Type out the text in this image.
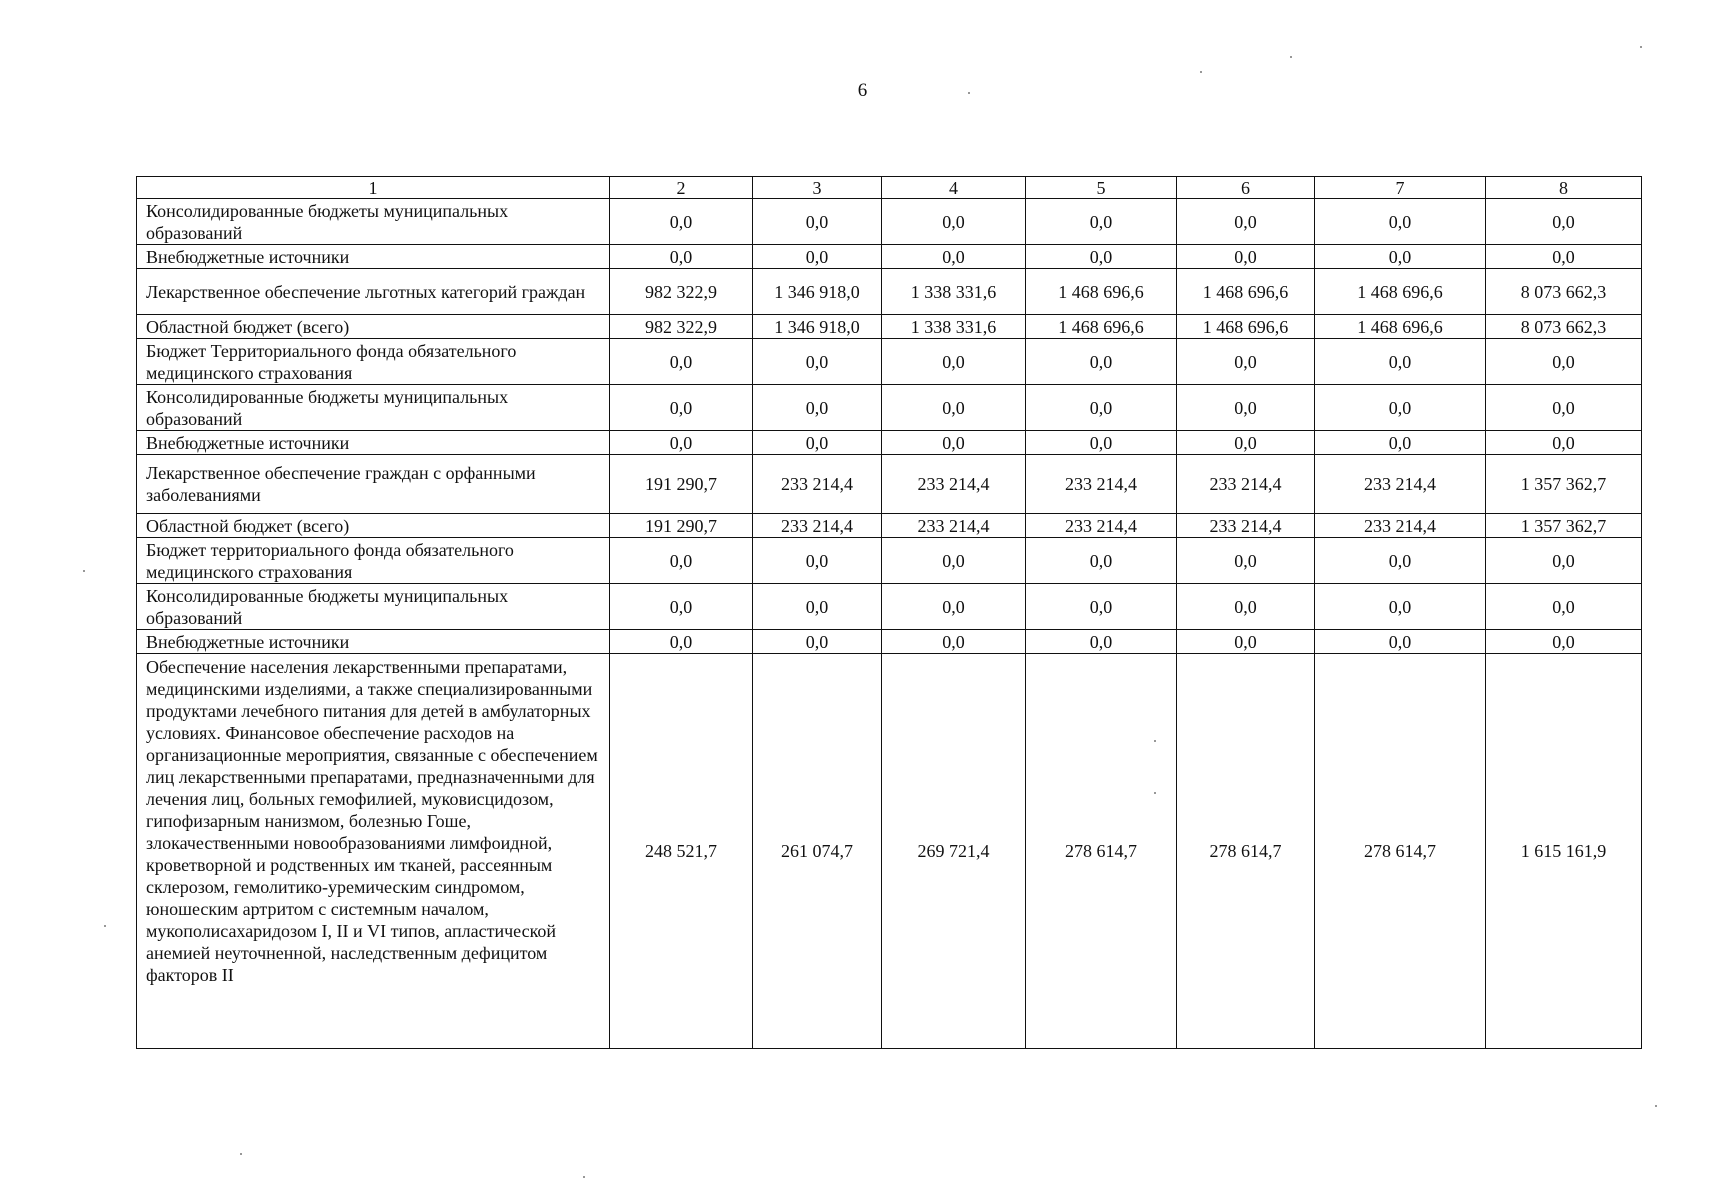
6
1	2	3	4	5	6	7	8
Консолидированные бюджеты муниципальных образований	0,0	0,0	0,0	0,0	0,0	0,0	0,0
Внебюджетные источники	0,0	0,0	0,0	0,0	0,0	0,0	0,0
Лекарственное обеспечение льготных категорий граждан	982 322,9	1 346 918,0	1 338 331,6	1 468 696,6	1 468 696,6	1 468 696,6	8 073 662,3
Областной бюджет (всего)	982 322,9	1 346 918,0	1 338 331,6	1 468 696,6	1 468 696,6	1 468 696,6	8 073 662,3
Бюджет Территориального фонда обязательного медицинского страхования	0,0	0,0	0,0	0,0	0,0	0,0	0,0
Консолидированные бюджеты муниципальных образований	0,0	0,0	0,0	0,0	0,0	0,0	0,0
Внебюджетные источники	0,0	0,0	0,0	0,0	0,0	0,0	0,0
Лекарственное обеспечение граждан с орфанными заболеваниями	191 290,7	233 214,4	233 214,4	233 214,4	233 214,4	233 214,4	1 357 362,7
Областной бюджет (всего)	191 290,7	233 214,4	233 214,4	233 214,4	233 214,4	233 214,4	1 357 362,7
Бюджет территориального фонда обязательного медицинского страхования	0,0	0,0	0,0	0,0	0,0	0,0	0,0
Консолидированные бюджеты муниципальных образований	0,0	0,0	0,0	0,0	0,0	0,0	0,0
Внебюджетные источники	0,0	0,0	0,0	0,0	0,0	0,0	0,0
Обеспечение населения лекарственными препаратами, медицинскими изделиями, а также специализированными продуктами лечебного питания для детей в амбулаторных условиях. Финансовое обеспечение расходов на организационные мероприятия, связанные с обеспечением лиц лекарственными препаратами, предназначенными для лечения лиц, больных гемофилией, муковисцидозом, гипофизарным нанизмом, болезнью Гоше, злокачественными новообразованиями лимфоидной, кроветворной и родственных им тканей, рассеянным склерозом, гемолитико-уремическим синдромом, юношеским артритом с системным началом, мукополисахаридозом I, II и VI типов, апластической анемией неуточненной, наследственным дефицитом факторов II	248 521,7	261 074,7	269 721,4	278 614,7	278 614,7	278 614,7	1 615 161,9
